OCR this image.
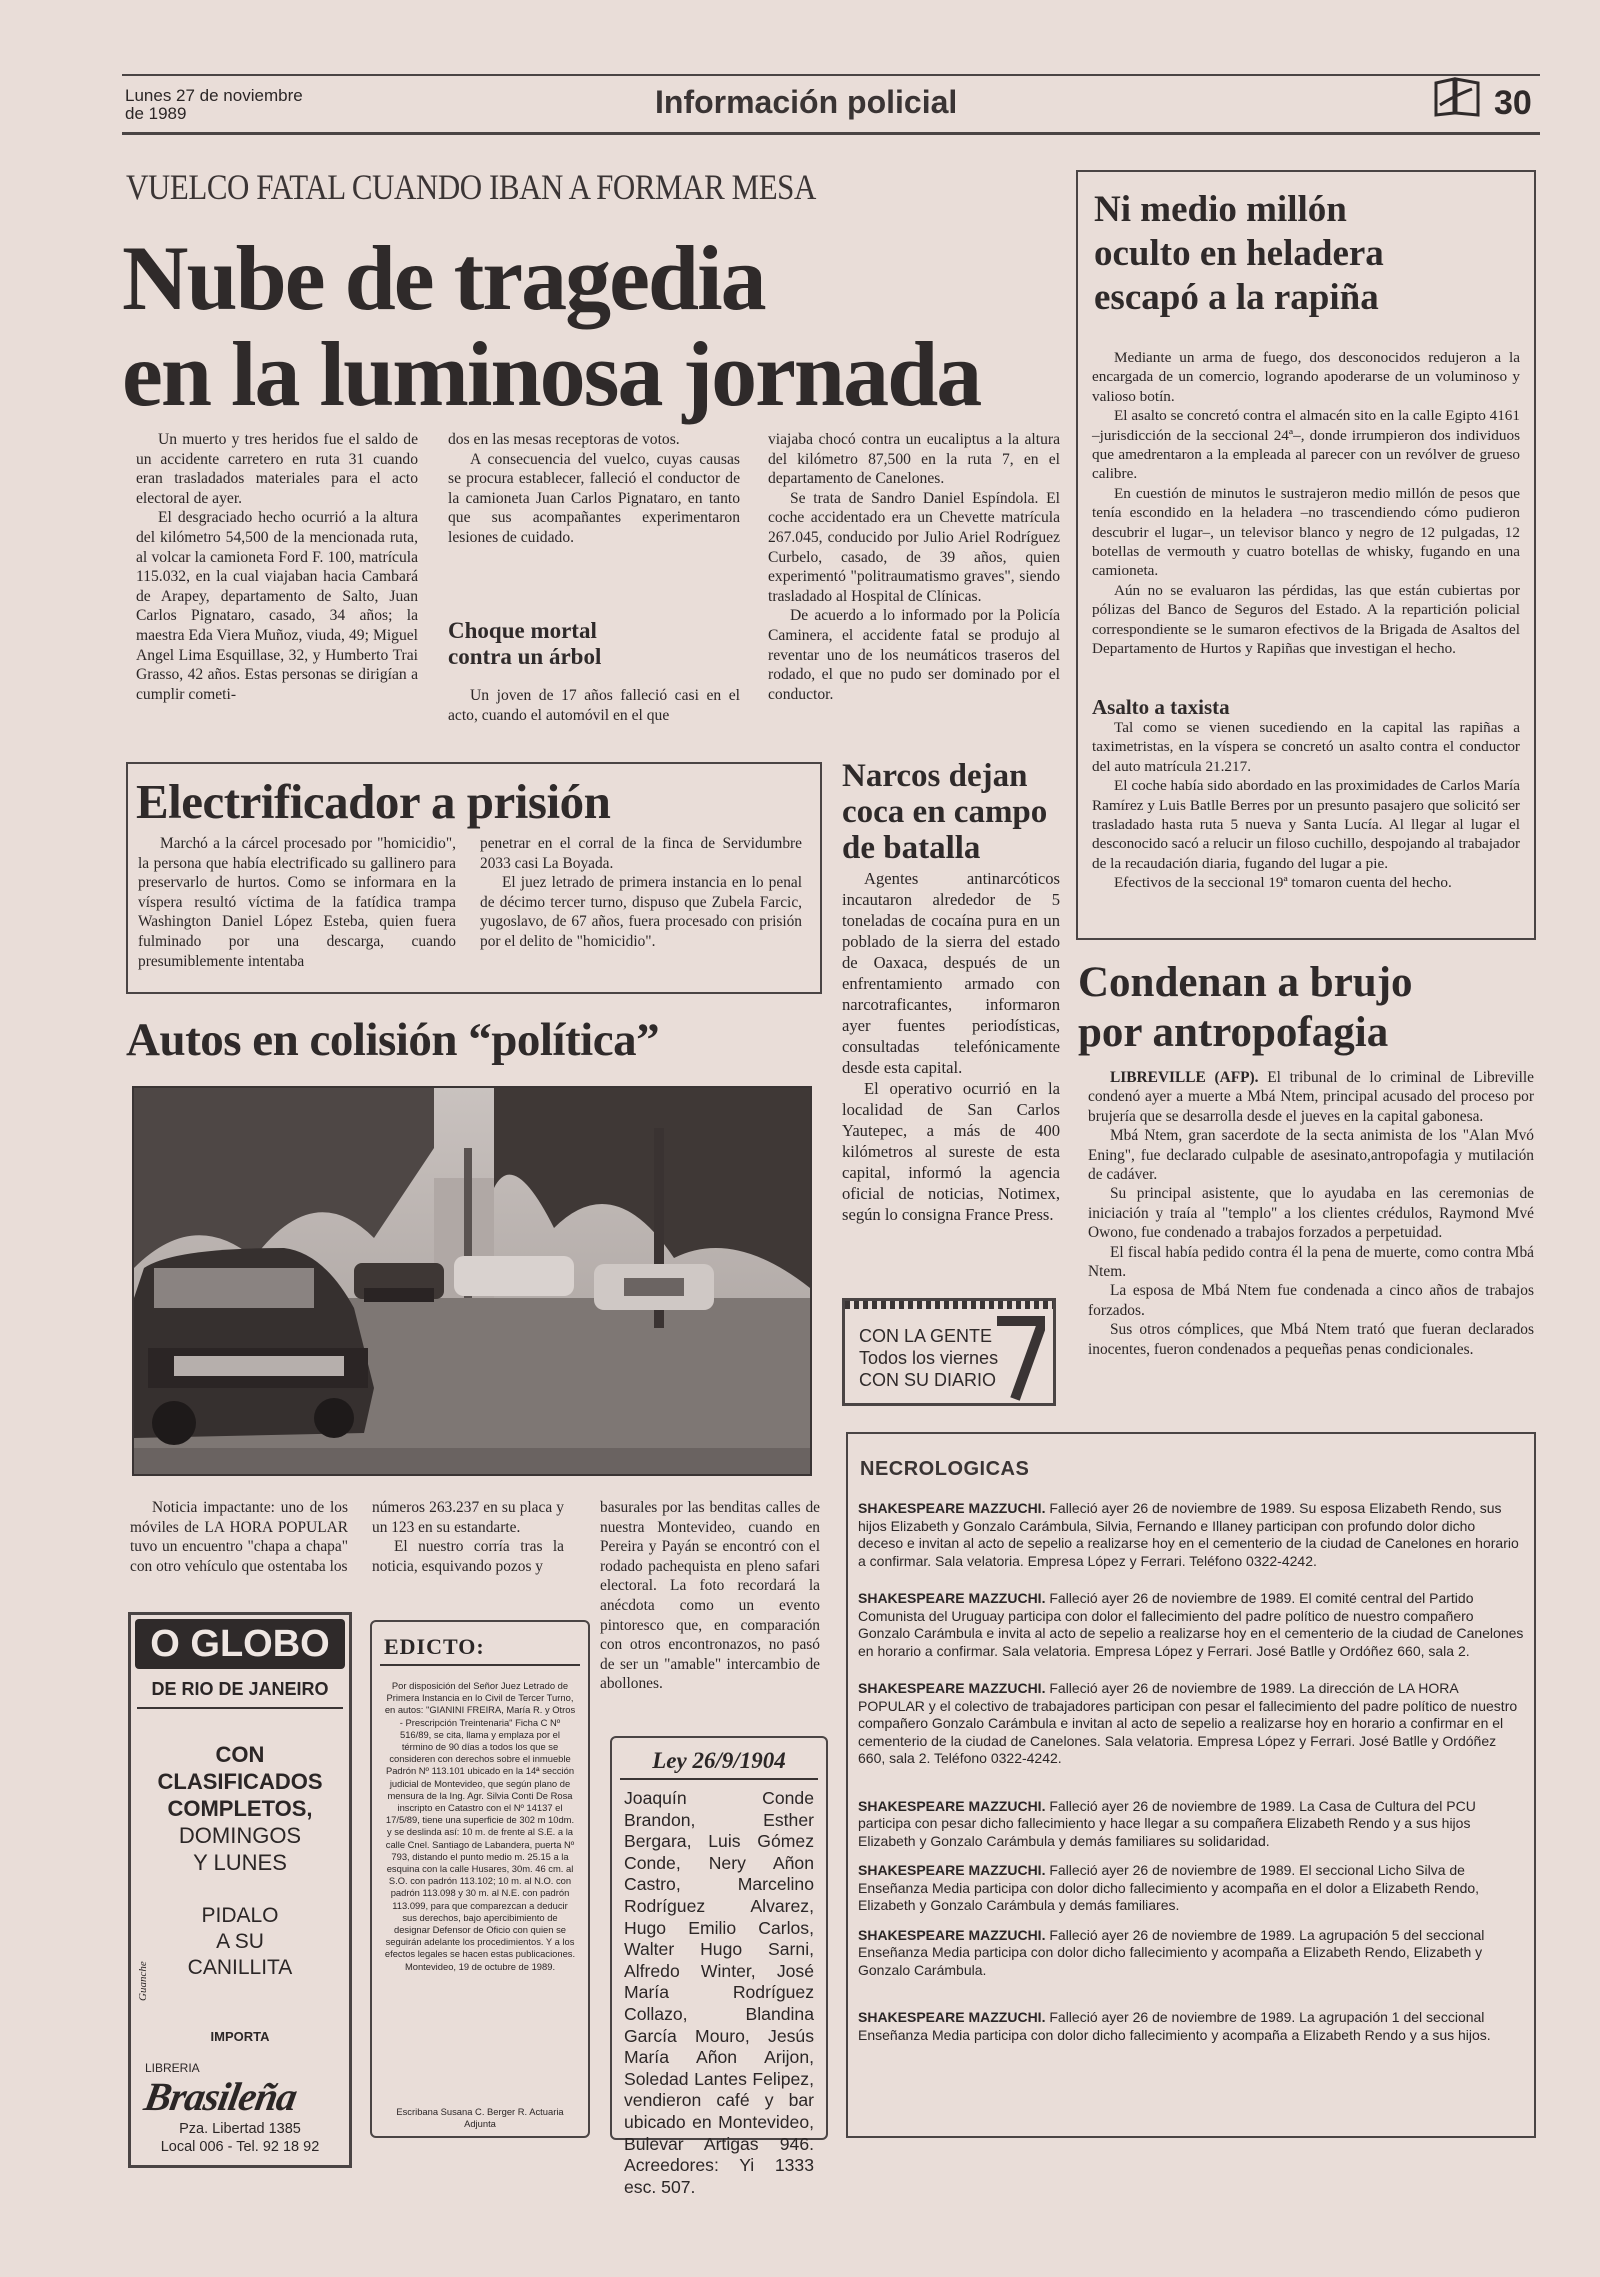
Lunes 27 de noviembre
de 1989	Información policial	30
VUELCO FATAL CUANDO IBAN A FORMAR MESA
Nube de tragedia
en la luminosa jornada

Un muerto y tres heridos fue el saldo de un accidente carretero en ruta 31 cuando eran trasladados materiales para el acto electoral de ayer.

El desgraciado hecho ocurrió a la altura del kilómetro 54,500 de la mencionada ruta, al volcar la camioneta Ford F. 100, matrícula 115.032, en la cual viajaban hacia Cambará de Arapey, departamento de Salto, Juan Carlos Pignataro, casado, 34 años; la maestra Eda Viera Muñoz, viuda, 49; Miguel Angel Lima Esquillase, 32, y Humberto Trai Grasso, 42 años. Estas personas se dirigían a cumplir cometi-

dos en las mesas receptoras de votos.

A consecuencia del vuelco, cuyas causas se procura establecer, falleció el conductor de la camioneta Juan Carlos Pignataro, en tanto que sus acompañantes experimentaron lesiones de cuidado.

Choque mortal
contra un árbol

Un joven de 17 años falleció casi en el acto, cuando el automóvil en el que

viajaba chocó contra un eucaliptus a la altura del kilómetro 87,500 en la ruta 7, en el departamento de Canelones.

Se trata de Sandro Daniel Espíndola. El coche accidentado era un Chevette matrícula 267.045, conducido por Julio Ariel Rodríguez Curbelo, casado, de 39 años, quien experimentó "politraumatismo graves", siendo trasladado al Hospital de Clínicas.

De acuerdo a lo informado por la Policía Caminera, el accidente fatal se produjo al reventar uno de los neumáticos traseros del rodado, el que no pudo ser dominado por el conductor.

Ni medio millón
oculto en heladera
escapó a la rapiña

Mediante un arma de fuego, dos desconocidos redujeron a la encargada de un comercio, logrando apoderarse de un voluminoso y valioso botín.

El asalto se concretó contra el almacén sito en la calle Egipto 4161 –jurisdicción de la seccional 24ª–, donde irrumpieron dos individuos que amedrentaron a la empleada al parecer con un revólver de grueso calibre.

En cuestión de minutos le sustrajeron medio millón de pesos que tenía escondido en la heladera –no trascendiendo cómo pudieron descubrir el lugar–, un televisor blanco y negro de 12 pulgadas, 12 botellas de vermouth y cuatro botellas de whisky, fugando en una camioneta.

Aún no se evaluaron las pérdidas, las que están cubiertas por pólizas del Banco de Seguros del Estado. A la repartición policial correspondiente se le sumaron efectivos de la Brigada de Asaltos del Departamento de Hurtos y Rapiñas que investigan el hecho.

Asalto a taxista

Tal como se vienen sucediendo en la capital las rapiñas a taximetristas, en la víspera se concretó un asalto contra el conductor del auto matrícula 21.217.

El coche había sido abordado en las proximidades de Carlos María Ramírez y Luis Batlle Berres por un presunto pasajero que solicitó ser trasladado hasta ruta 5 nueva y Santa Lucía. Al llegar al lugar el desconocido sacó a relucir un filoso cuchillo, despojando al trabajador de la recaudación diaria, fugando del lugar a pie.

Efectivos de la seccional 19ª tomaron cuenta del hecho.

Electrificador a prisión

Marchó a la cárcel procesado por "homicidio", la persona que había electrificado su gallinero para preservarlo de hurtos. Como se informara en la víspera resultó víctima de la fatídica trampa Washington Daniel López Esteba, quien fuera fulminado por una descarga, cuando presumiblemente intentaba

penetrar en el corral de la finca de Servidumbre 2033 casi La Boyada.

El juez letrado de primera instancia en lo penal de décimo tercer turno, dispuso que Zubela Farcic, yugoslavo, de 67 años, fuera procesado con prisión por el delito de "homicidio".

Narcos dejan
coca en campo
de batalla

Agentes antinarcóticos incautaron alrededor de 5 toneladas de cocaína pura en un poblado de la sierra del estado de Oaxaca, después de un enfrentamiento armado con narcotraficantes, informaron ayer fuentes periodísticas, consultadas telefónicamente desde esta capital.

El operativo ocurrió en la localidad de San Carlos Yautepec, a más de 400 kilómetros al sureste de esta capital, informó la agencia oficial de noticias, Notimex, según lo consigna France Press.

CON LA GENTE
Todos los viernes
CON SU DIARIO
Condenan a brujo
por antropofagia

LIBREVILLE (AFP). El tribunal de lo criminal de Libreville condenó ayer a muerte a Mbá Ntem, principal acusado del proceso por brujería que se desarrolla desde el jueves en la capital gabonesa.

Mbá Ntem, gran sacerdote de la secta animista de los "Alan Mvó Ening", fue declarado culpable de asesinato,antropofagia y mutilación de cadáver.

Su principal asistente, que lo ayudaba en las ceremonias de iniciación y traía al "templo" a los clientes crédulos, Raymond Mvé Owono, fue condenado a trabajos forzados a perpetuidad.

El fiscal había pedido contra él la pena de muerte, como contra Mbá Ntem.

La esposa de Mbá Ntem fue condenada a cinco años de trabajos forzados.

Sus otros cómplices, que Mbá Ntem trató que fueran declarados inocentes, fueron condenados a pequeñas penas condicionales.

Autos en colisión “política”

Noticia impactante: uno de los móviles de LA HORA POPULAR tuvo un encuentro "chapa a chapa" con otro vehículo que ostentaba los

números 263.237 en su placa y un 123 en su estandarte.

El nuestro corría tras la noticia, esquivando pozos y

basurales por las benditas calles de nuestra Montevideo, cuando en Pereira y Payán se encontró con el rodado pachequista en pleno safari electoral. La foto recordará la anécdota como un evento pintoresco que, en comparación con otros encontronazos, no pasó de ser un "amable" intercambio de abollones.

NECROLOGICAS

SHAKESPEARE MAZZUCHI. Falleció ayer 26 de noviembre de 1989. Su esposa Elizabeth Rendo, sus hijos Elizabeth y Gonzalo Carámbula, Silvia, Fernando e Illaney participan con profundo dolor dicho deceso e invitan al acto de sepelio a realizarse hoy en el cementerio de la ciudad de Canelones en horario a confirmar. Sala velatoria. Empresa López y Ferrari. Teléfono 0322-4242.

SHAKESPEARE MAZZUCHI. Falleció ayer 26 de noviembre de 1989. El comité central del Partido Comunista del Uruguay participa con dolor el fallecimiento del padre político de nuestro compañero Gonzalo Carámbula e invita al acto de sepelio a realizarse hoy en el cementerio de la ciudad de Canelones en horario a confirmar. Sala velatoria. Empresa López y Ferrari. José Batlle y Ordóñez 660, sala 2.

SHAKESPEARE MAZZUCHI. Falleció ayer 26 de noviembre de 1989. La dirección de LA HORA POPULAR y el colectivo de trabajadores participan con pesar el fallecimiento del padre político de nuestro compañero Gonzalo Carámbula e invitan al acto de sepelio a realizarse hoy en horario a confirmar en el cementerio de la ciudad de Canelones. Sala velatoria. Empresa López y Ferrari. José Batlle y Ordóñez 660, sala 2. Teléfono 0322-4242.

SHAKESPEARE MAZZUCHI. Falleció ayer 26 de noviembre de 1989. La Casa de Cultura del PCU participa con pesar dicho fallecimiento y hace llegar a su compañera Elizabeth Rendo y a sus hijos Elizabeth y Gonzalo Carámbula y demás familiares su solidaridad.

SHAKESPEARE MAZZUCHI. Falleció ayer 26 de noviembre de 1989. El seccional Licho Silva de Enseñanza Media participa con dolor dicho fallecimiento y acompaña en el dolor a Elizabeth Rendo, Elizabeth y Gonzalo Carámbula y demás familiares.

SHAKESPEARE MAZZUCHI. Falleció ayer 26 de noviembre de 1989. La agrupación 5 del seccional Enseñanza Media participa con dolor dicho fallecimiento y acompaña a Elizabeth Rendo, Elizabeth y Gonzalo Carámbula.

SHAKESPEARE MAZZUCHI. Falleció ayer 26 de noviembre de 1989. La agrupación 1 del seccional Enseñanza Media participa con dolor dicho fallecimiento y acompaña a Elizabeth Rendo y a sus hijos.

O GLOBO
DE RIO DE JANEIRO
CON
CLASIFICADOS
COMPLETOS,
DOMINGOS
Y LUNES
PIDALO
A SU
CANILLITA
Guanche
IMPORTA
LIBRERIA
Brasileña
Pza. Libertad 1385
Local 006 - Tel. 92 18 92
EDICTO:
Por disposición del Señor Juez Letrado de Primera Instancia en lo Civil de Tercer Turno, en autos: "GIANINI FREIRA, María R. y Otros - Prescripción Treintenaria" Ficha C Nº 516/89, se cita, llama y emplaza por el término de 90 días a todos los que se consideren con derechos sobre el inmueble Padrón Nº 113.101 ubicado en la 14ª sección judicial de Montevideo, que según plano de mensura de la Ing. Agr. Silvia Conti De Rosa inscripto en Catastro con el Nº 14137 el 17/5/89, tiene una superficie de 302 m 10dm. y se deslinda así: 10 m. de frente al S.E. a la calle Cnel. Santiago de Labandera, puerta Nº 793, distando el punto medio m. 25.15 a la esquina con la calle Husares, 30m. 46 cm. al S.O. con padrón 113.102; 10 m. al N.O. con padrón 113.098 y 30 m. al N.E. con padrón 113.099, para que comparezcan a deducir sus derechos, bajo apercibimiento de designar Defensor de Oficio con quien se seguirán adelante los procedimientos. Y a los efectos legales se hacen estas publicaciones. Montevideo, 19 de octubre de 1989.
Escribana Susana C. Berger R. Actuaria Adjunta
Ley 26/9/1904
Joaquín Conde Brandon, Esther Bergara, Luis Gómez Conde, Nery Añon Castro, Marcelino Rodríguez Alvarez, Hugo Emilio Carlos, Walter Hugo Sarni, Alfredo Winter, José María Rodríguez Collazo, Blandina García Mouro, Jesús María Añon Arijon, Soledad Lantes Felipez, vendieron café y bar ubicado en Montevideo, Bulevar Artigas 946. Acreedores: Yi 1333 esc. 507.
